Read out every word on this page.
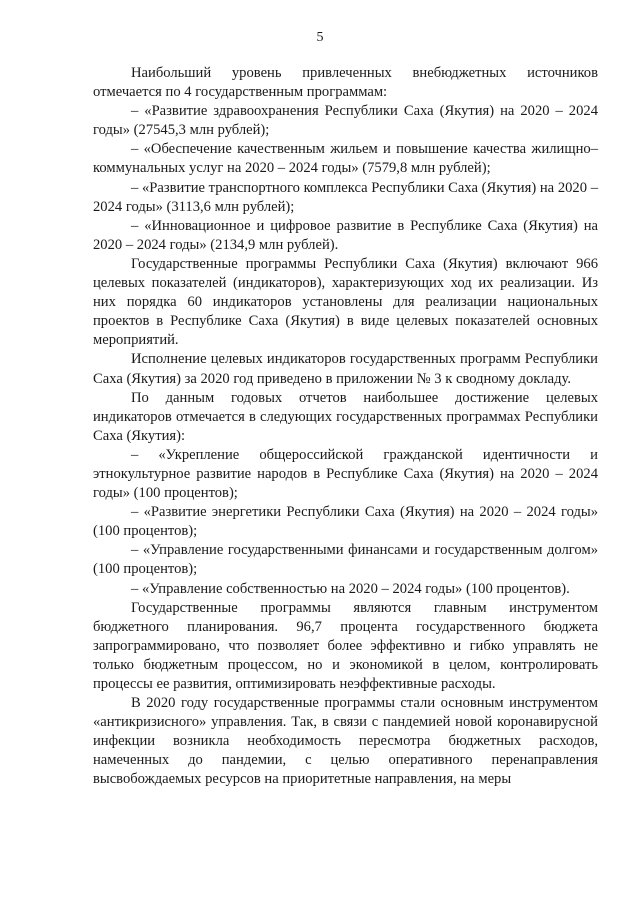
5

Наибольший уровень привлеченных внебюджетных источников отмечается по 4 государственным программам:

– «Развитие здравоохранения Республики Саха (Якутия) на 2020 – 2024 годы» (27545,3 млн рублей);

– «Обеспечение качественным жильем и повышение качества жилищно–коммунальных услуг на 2020 – 2024 годы» (7579,8 млн рублей);

– «Развитие транспортного комплекса Республики Саха (Якутия) на 2020 – 2024 годы» (3113,6 млн рублей);

– «Инновационное и цифровое развитие в Республике Саха (Якутия) на 2020 – 2024 годы» (2134,9 млн рублей).

Государственные программы Республики Саха (Якутия) включают 966 целевых показателей (индикаторов), характеризующих ход их реализации. Из них порядка 60 индикаторов установлены для реализации национальных проектов в Республике Саха (Якутия) в виде целевых показателей основных мероприятий.

Исполнение целевых индикаторов государственных программ Республики Саха (Якутия) за 2020 год приведено в приложении № 3 к сводному докладу.

По данным годовых отчетов наибольшее достижение целевых индикаторов отмечается в следующих государственных программах Республики Саха (Якутия):

– «Укрепление общероссийской гражданской идентичности и этнокультурное развитие народов в Республике Саха (Якутия) на 2020 – 2024 годы» (100 процентов);

– «Развитие энергетики Республики Саха (Якутия) на 2020 – 2024 годы» (100 процентов);

– «Управление государственными финансами и государственным долгом» (100 процентов);

– «Управление собственностью на 2020 – 2024 годы» (100 процентов).

Государственные программы являются главным инструментом бюджетного планирования. 96,7 процента государственного бюджета запрограммировано, что позволяет более эффективно и гибко управлять не только бюджетным процессом, но и экономикой в целом, контролировать процессы ее развития, оптимизировать неэффективные расходы.

В 2020 году государственные программы стали основным инструментом «антикризисного» управления. Так, в связи с пандемией новой коронавирусной инфекции возникла необходимость пересмотра бюджетных расходов, намеченных до пандемии, с целью оперативного перенаправления высвобождаемых ресурсов на приоритетные направления, на меры
